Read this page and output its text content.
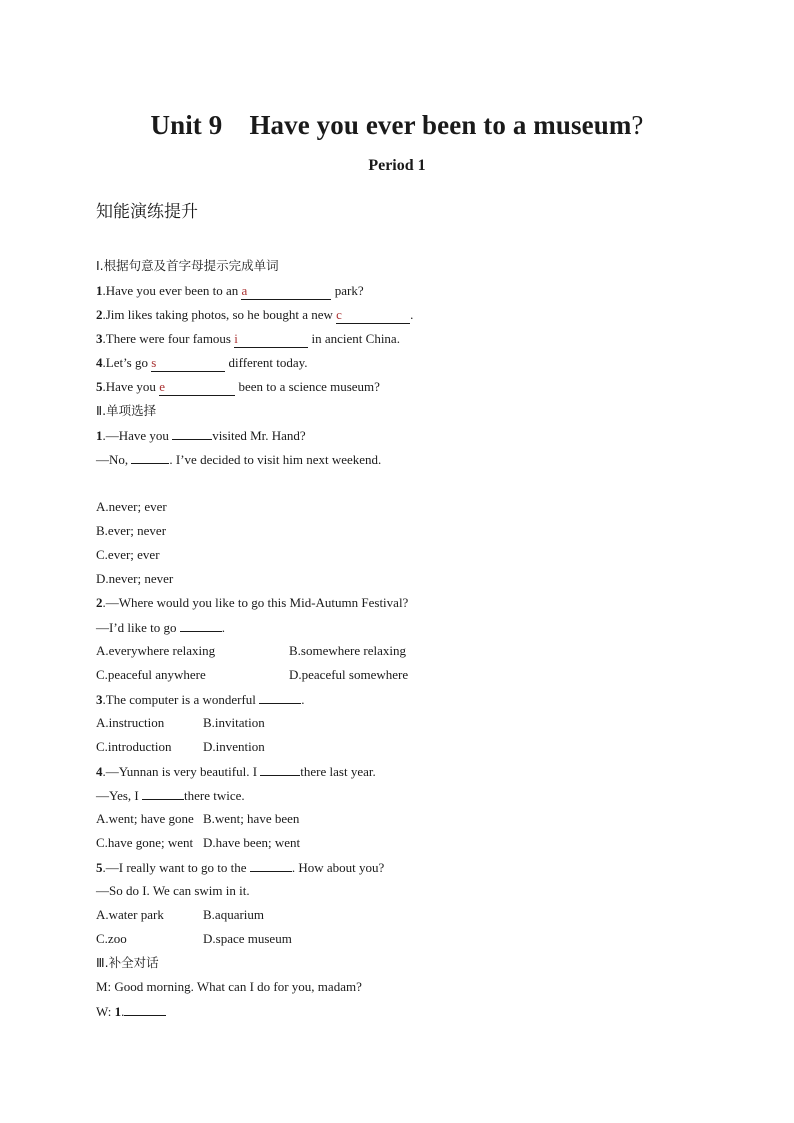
Unit 9　Have you ever been to a museum?
Period 1
知能演练提升
Ⅰ.根据句意及首字母提示完成单词
1.Have you ever been to an a	park?
2.Jim likes taking photos, so he bought a new c	.
3.There were four famous i	in ancient China.
4.Let’s go s	different today.
5.Have you e	been to a science museum?
Ⅱ.单项选择
1.—Have you	visited Mr. Hand?
—No,	. I’ve decided to visit him next weekend.
A.never; ever
B.ever; never
C.ever; ever
D.never; never
2.—Where would you like to go this Mid-Autumn Festival?
—I’d like to go	.
A.everywhere relaxing	B.somewhere relaxing
C.peaceful anywhere	D.peaceful somewhere
3.The computer is a wonderful	.
A.instruction	B.invitation
C.introduction D.invention
4.—Yunnan is very beautiful. I	there last year.
—Yes, I	there twice.
A.went; have gone B.went; have been
C.have gone; went D.have been; went
5.—I really want to go to the	. How about you?
—So do I. We can swim in it.
A.water park	B.aquarium
C.zoo	D.space museum
Ⅲ.补全对话
M: Good morning. What can I do for you, madam?
W: 1.
